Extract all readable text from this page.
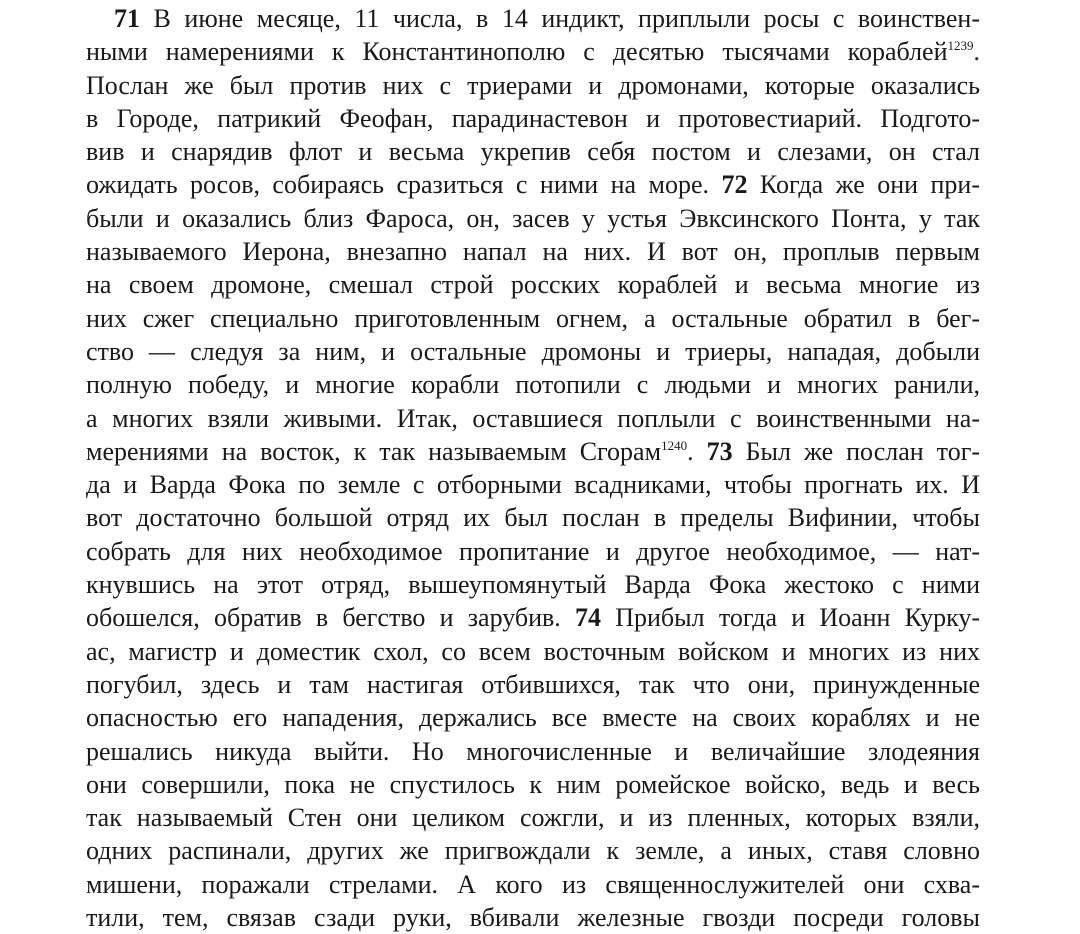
71 В июне месяце, 11 числа, в 14 индикт, приплыли росы с воинствен-
ными намерениями к Константинополю с десятью тысячами кораблей$^{1239}$.
Послан же был против них с триерами и дромонами, которые оказались
в Городе, патрикий Феофан, парадинастевон и протовестиарий. Подгото-
вив и снарядив флот и весьма укрепив себя постом и слезами, он стал
ожидать росов, собираясь сразиться с ними на море. 72 Когда же они при-
были и оказались близ Фароса, он, засев у устья Эвксинского Понта, у так
называемого Иерона, внезапно напал на них. И вот он, проплыв первым
на своем дромоне, смешал строй росских кораблей и весьма многие из
них сжег специально приготовленным огнем, а остальные обратил в бег-
ство — следуя за ним, и остальные дромоны и триеры, нападая, добыли
полную победу, и многие корабли потопили с людьми и многих ранили,
а многих взяли живыми. Итак, оставшиеся поплыли с воинственными на-
мерениями на восток, к так называемым Сгорам$^{1240}$. 73 Был же послан тог-
да и Варда Фока по земле с отборными всадниками, чтобы прогнать их. И
вот достаточно большой отряд их был послан в пределы Вифинии, чтобы
собрать для них необходимое пропитание и другое необходимое, — нат-
кнувшись на этот отряд, вышеупомянутый Варда Фока жестоко с ними
обошелся, обратив в бегство и зарубив. 74 Прибыл тогда и Иоанн Курку-
ас, магистр и доместик схол, со всем восточным войском и многих из них
погубил, здесь и там настигая отбившихся, так что они, принужденные
опасностью его нападения, держались все вместе на своих кораблях и не
решались никуда выйти. Но многочисленные и величайшие злодеяния
они совершили, пока не спустилось к ним ромейское войско, ведь и весь
так называемый Стен они целиком сожгли, и из пленных, которых взяли,
одних распинали, других же пригвождали к земле, а иных, ставя словно
мишени, поражали стрелами. А кого из священнослужителей они схва-
тили, тем, связав сзади руки, вбивали железные гвозди посреди головы
